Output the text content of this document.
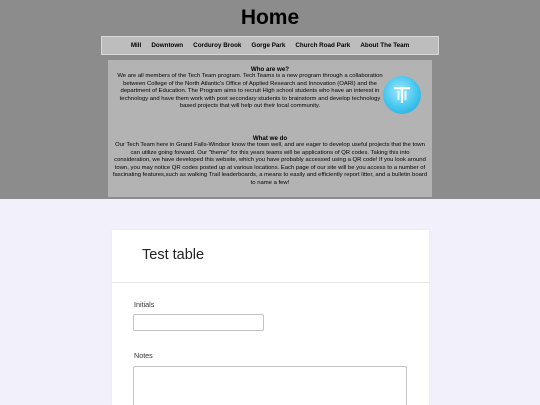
Home
Mill Downtown Corduroy Brook Gorge Park Church Road Park About The Team
Who are we?
We are all members of the Tech Team program. Tech Teams is a new program through a collaboration between College of the North Atlantic's Office of Applied Research and Innovation (OARI) and the department of Education. The Program aims to recruit High school students who have an interest in technology and have them work with post secondary students to brainstorm and develop technology based projects that will help out their local community.
What we do
Our Tech Team here in Grand Falls-Windsor know the town well, and are eager to develop useful projects that the town can utilize going forward. Our "theme" for this years teams will be applications of QR codes. Taking this into consideration, we have developed this website, which you have probably accessed using a QR code! If you look around town, you may notice QR codes posted up at various locations. Each page of our site will be you access to a number of fascinating features,such as walking Trail leaderboards, a means to easily and efficiently report litter, and a bulletin board to name a few!
Test table
Initials
Notes
